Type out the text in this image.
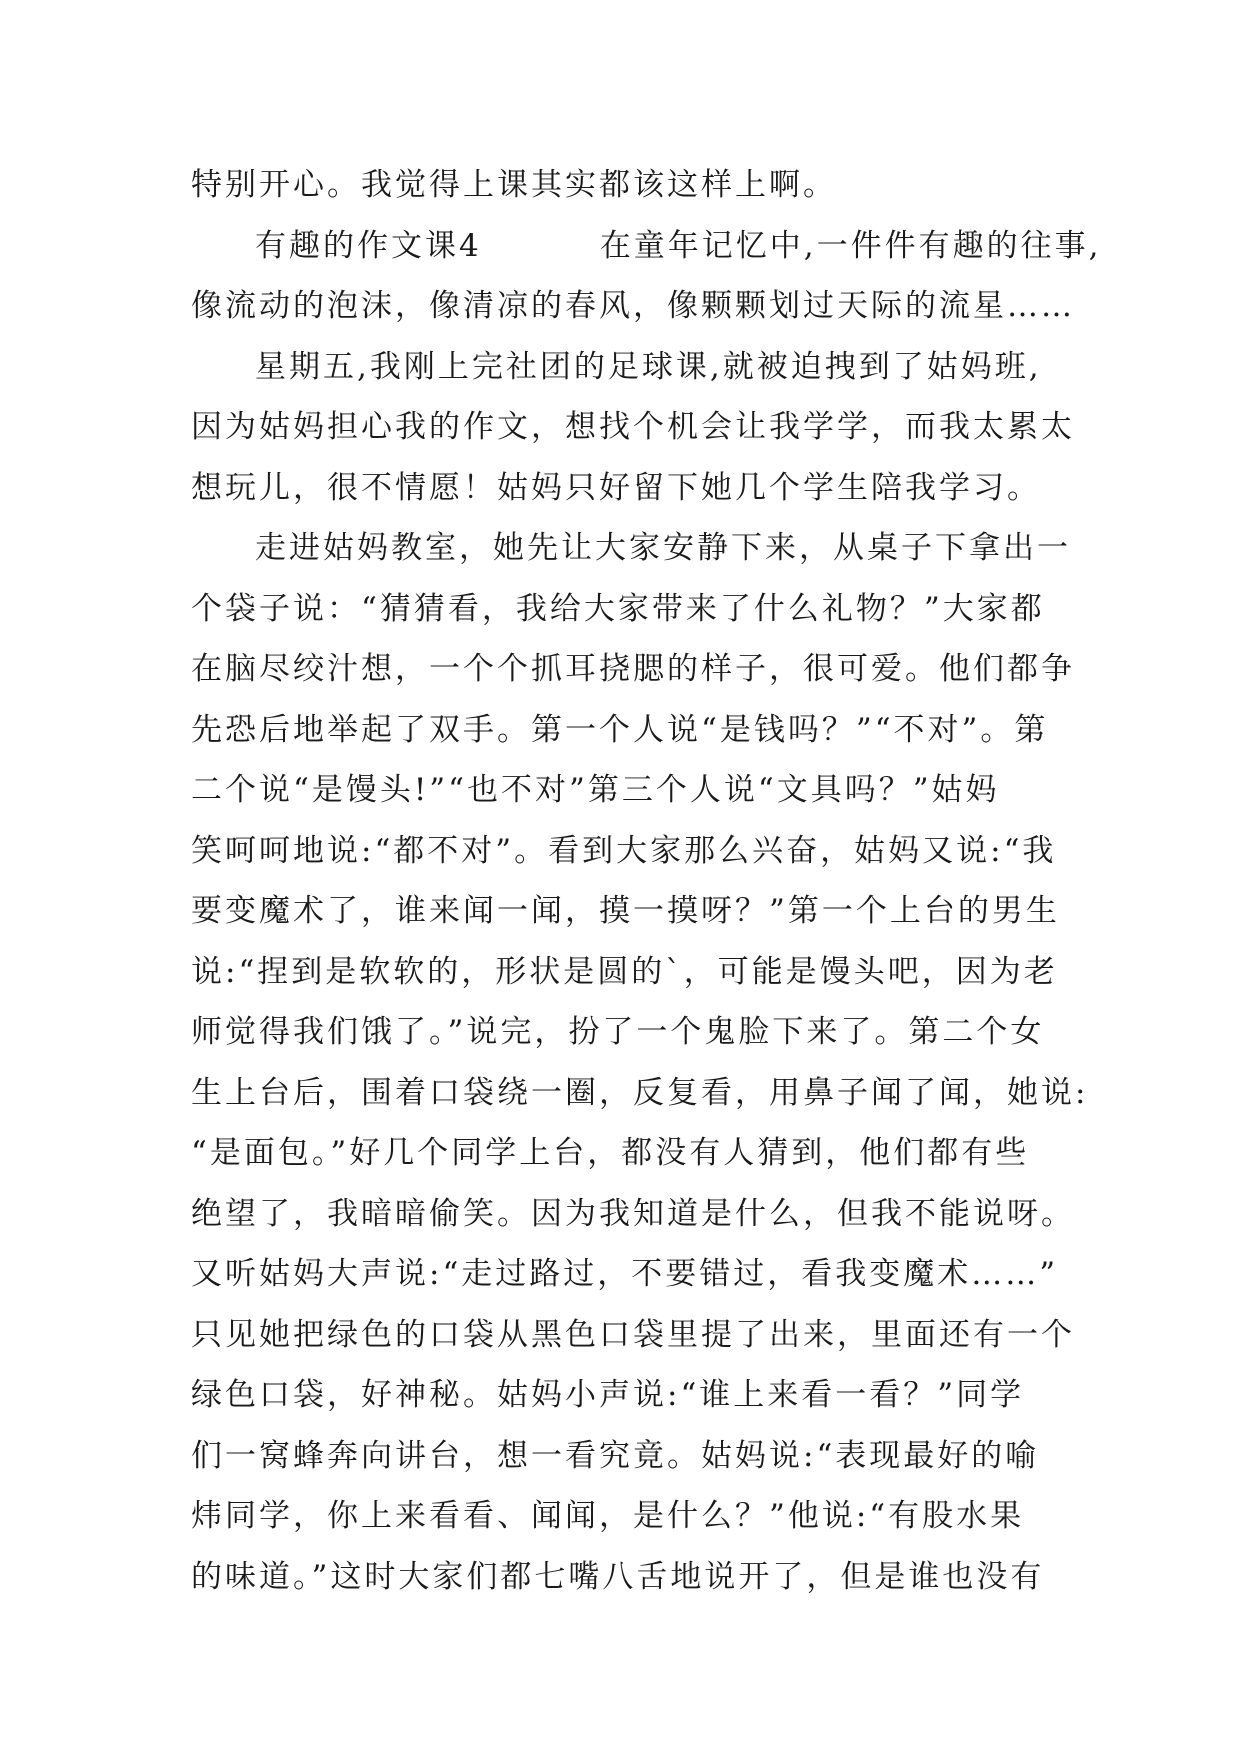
特别开心。我觉得上课其实都该这样上啊。
有趣的作文课4	在童年记忆中,一件件有趣的往事,
像流动的泡沫，像清凉的春风，像颗颗划过天际的流星……
星期五,我刚上完社团的足球课,就被迫拽到了姑妈班,
因为姑妈担心我的作文，想找个机会让我学学，而我太累太
想玩儿，很不情愿！姑妈只好留下她几个学生陪我学习。
走进姑妈教室，她先让大家安静下来，从桌子下拿出一
个袋子说：“猜猜看，我给大家带来了什么礼物？”大家都
在脑尽绞汁想，一个个抓耳挠腮的样子，很可爱。他们都争
先恐后地举起了双手。第一个人说“是钱吗？”“不对”。第
二个说“是馒头!”“也不对”第三个人说“文具吗？”姑妈
笑呵呵地说:“都不对”。看到大家那么兴奋，姑妈又说:“我
要变魔术了，谁来闻一闻，摸一摸呀？”第一个上台的男生
说:“捏到是软软的，形状是圆的`，可能是馒头吧，因为老
师觉得我们饿了。”说完，扮了一个鬼脸下来了。第二个女
生上台后，围着口袋绕一圈，反复看，用鼻子闻了闻，她说:
“是面包。”好几个同学上台，都没有人猜到，他们都有些
绝望了，我暗暗偷笑。因为我知道是什么，但我不能说呀。
又听姑妈大声说:“走过路过，不要错过，看我变魔术……”
只见她把绿色的口袋从黑色口袋里提了出来，里面还有一个
绿色口袋，好神秘。姑妈小声说:“谁上来看一看？”同学
们一窝蜂奔向讲台，想一看究竟。姑妈说:“表现最好的喻
炜同学，你上来看看、闻闻，是什么？”他说:“有股水果
的味道。”这时大家们都七嘴八舌地说开了，但是谁也没有
